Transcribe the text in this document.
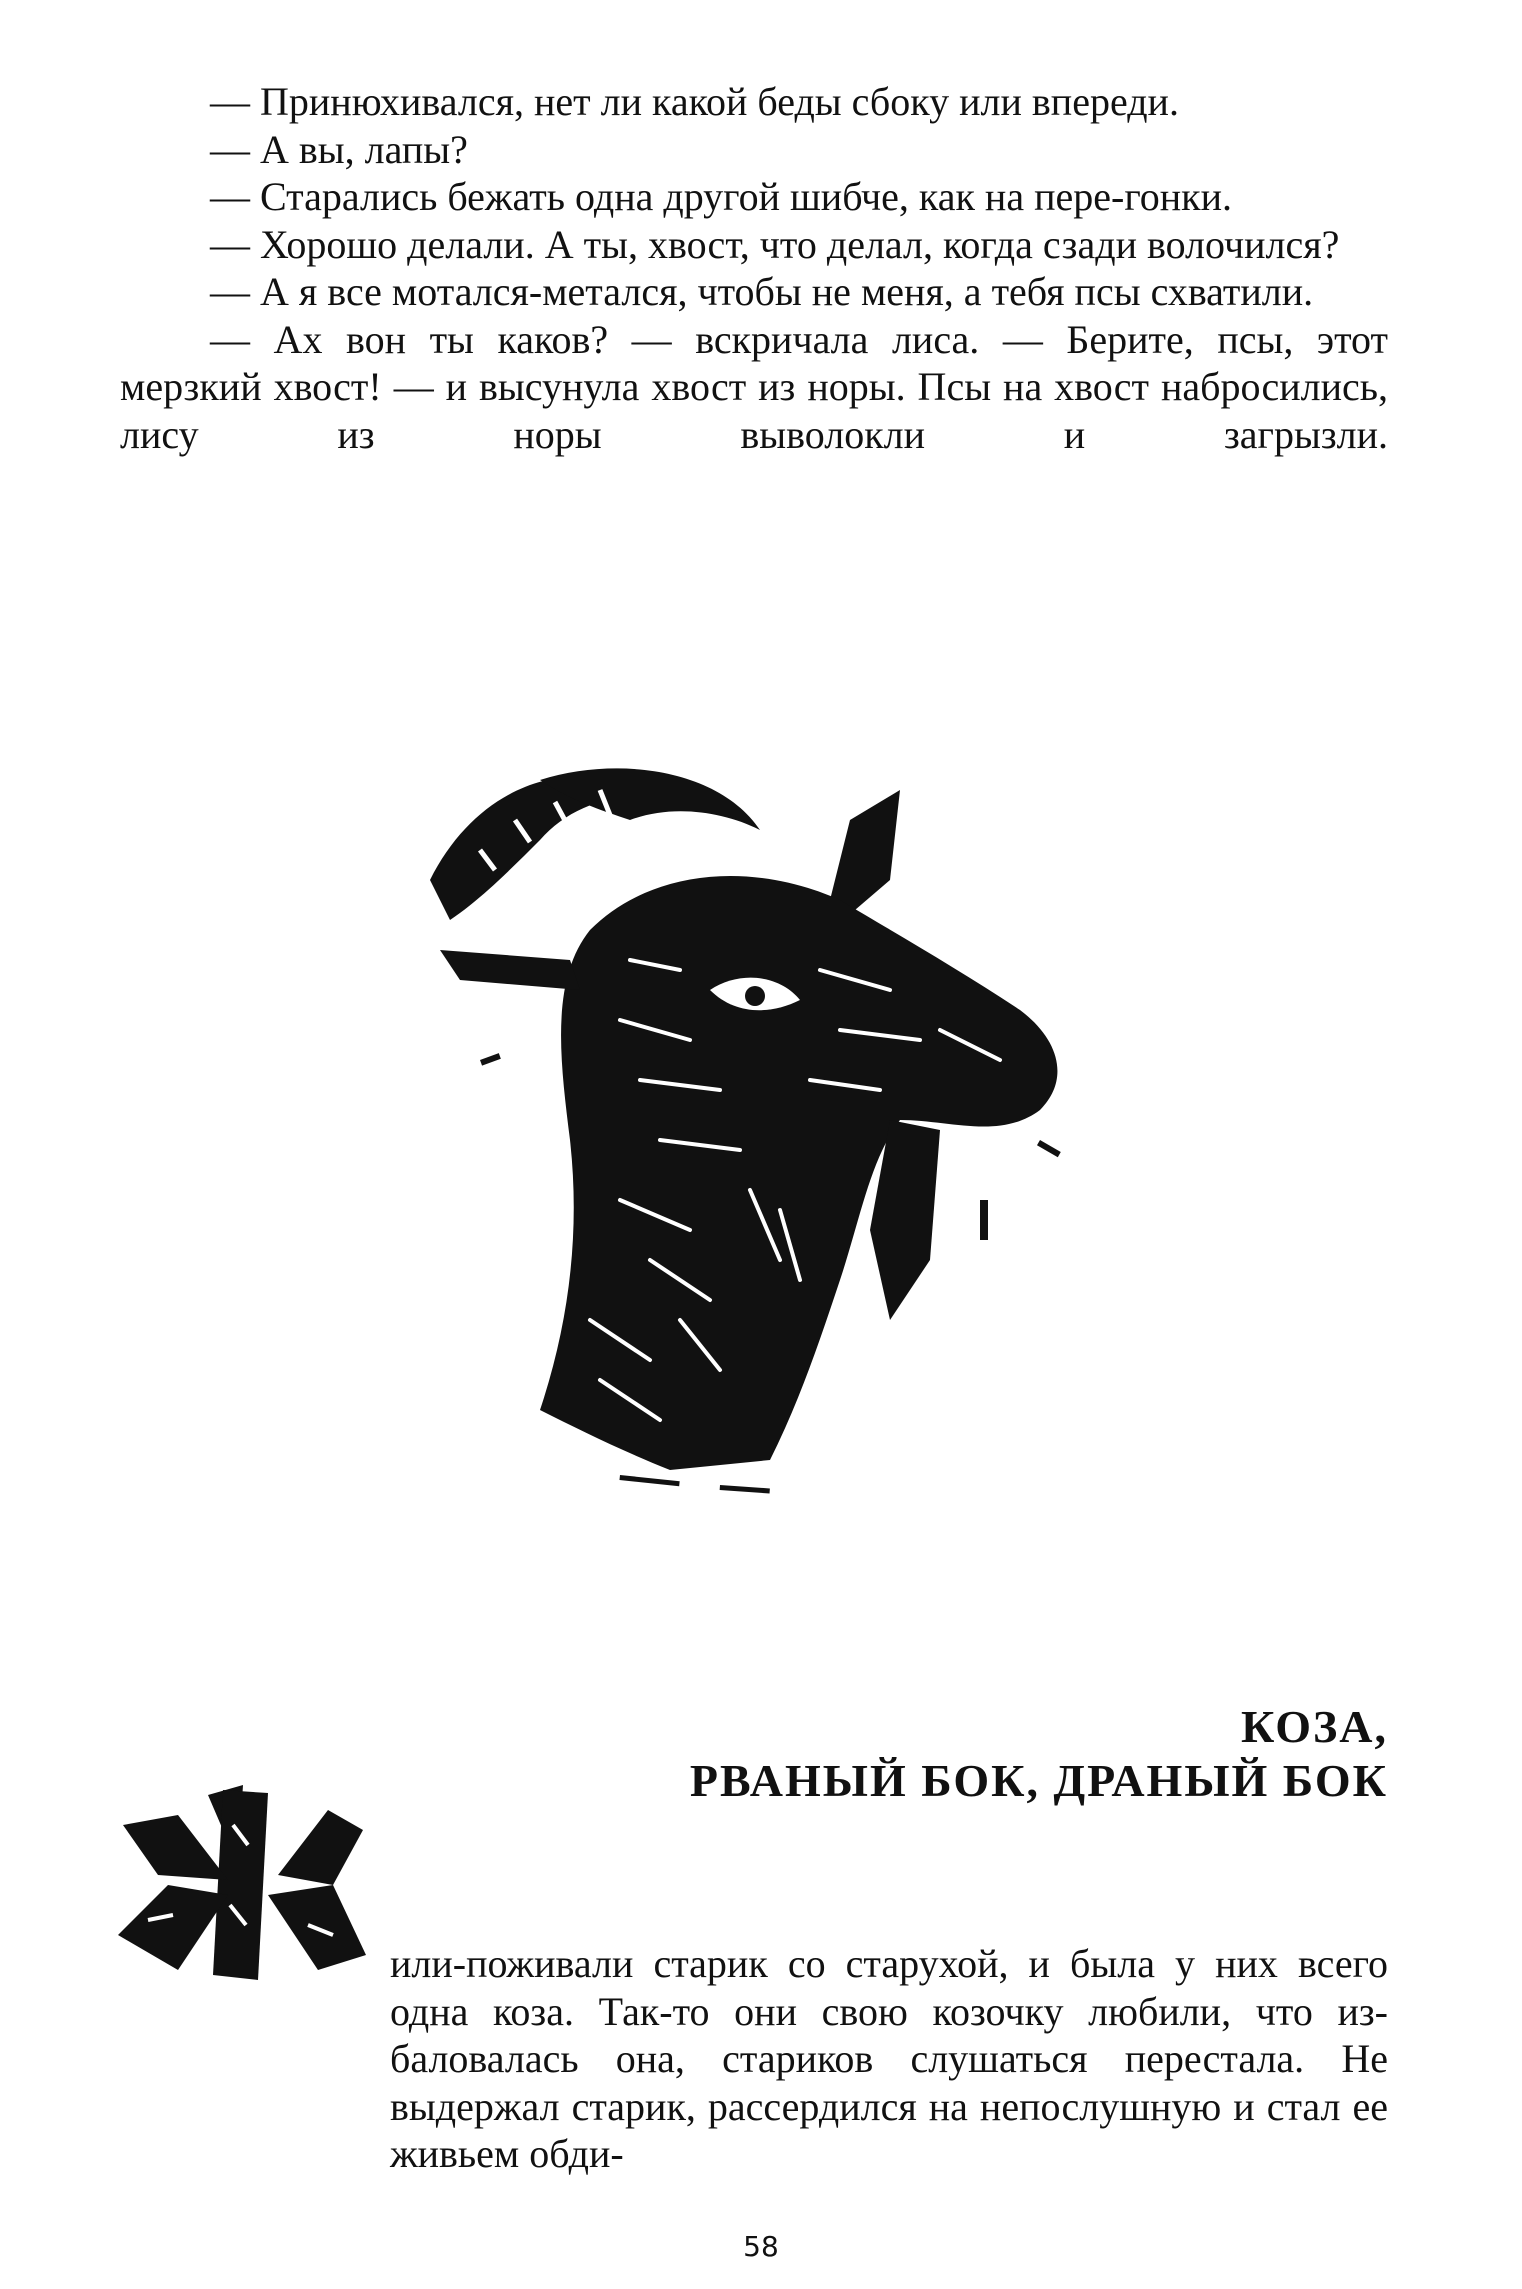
— Принюхивался, нет ли какой беды сбоку или впереди.

— А вы, лапы?

— Старались бежать одна другой шибче, как на пере-гонки.

— Хорошо делали. А ты, хвост, что делал, когда сзади волочился?

— А я все мотался-метался, чтобы не меня, а тебя псы схватили.

— Ах вон ты каков? — вскричала лиса. — Берите, псы, этот мерзкий хвост! — и высунула хвост из норы. Псы на хвост набросились, лису из норы выволокли и загрызли.

КОЗА,
РВАНЫЙ БОК, ДРАНЫЙ БОК

или-поживали старик со старухой, и была у них всего одна коза. Так-то они свою козочку любили, что из-баловалась она, стариков слушаться перестала. Не выдержал старик, рассердился на непослушную и стал ее живьем обди-

58
